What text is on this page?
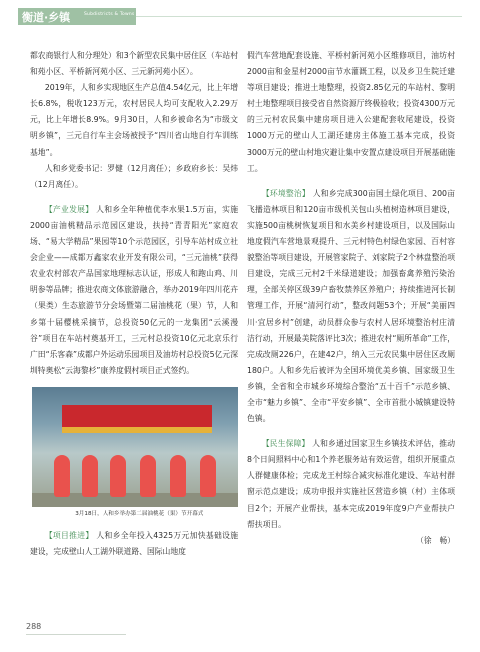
衡道·乡镇	Subdistricts & Towns

都农商银行人和分理处）和3个新型农民集中居住区（车站村和苑小区、平桥新河苑小区、三元新河苑小区）。

2019年，人和乡实现地区生产总值4.54亿元，比上年增长6.8%，税收123万元，农村居民人均可支配收入2.29万元，比上年增长8.9%。9月30日，人和乡被命名为“市级文明乡镇”，三元自行车主会场被授予“四川省山地自行车训练基地”。

人和乡党委书记：罗健（12月离任）；乡政府乡长：吴炜（12月离任）。

【产业发展】 人和乡全年种植优李水果1.5万亩，实施2000亩油桃精品示范园区建设，扶持“青青阳光”家庭农场、“易大学精品”果园等10个示范园区，引导车站村成立社会企业——成都万鑫家农业开发有限公司，“三元油桃”获得农业农村部农产品国家地理标志认证，形成人和跑山鸡、川明参等品牌；推进农商文体旅游融合，举办2019年四川花卉（果类）生态旅游节分会场暨第二届油桃花（果）节，人和乡第十届樱桃采摘节，总投资50亿元的一龙集团“云溪漫谷”项目在车站村奠基开工，三元村总投资10亿元北京乐行广田“乐客森”成都户外运动乐园项目及油坊村总投资5亿元深圳特奥松“云海黎杉”康养度假村项目正式签约。

3月18日，人和乡举办第二届油桃花（果）节开幕式

【项目推进】 人和乡全年投入4325万元加快基础设施建设，完成壁山人工湖外联道路、国际山地度

假汽车营地配套设施、平桥村新河苑小区维修项目，油坊村2000亩和金星村2000亩节水灌溉工程，以及乡卫生院迁建等项目建设；推进土地整理，投资2.85亿元的车站村、黎明村土地整理项目接受省自然资源厅终极验收；投资4300万元的三元村农民集中建房项目进入公建配套收尾建设，投资1000万元的壁山人工湖还建房主体施工基本完成，投资3000万元的壁山村地灾避让集中安置点建设项目开展基础施工。

【环境整治】 人和乡完成300亩国土绿化项目、200亩飞播造林项目和120亩市级机关包山头植树造林项目建设，实施500亩桃树恢复项目和水美乡村建设项目，以及国际山地度假汽车营地景观提升、三元村特色村绿色家园、百村容貌整治等项目建设，开展管家院子、刘家院子2个林盘整治项目建设，完成三元村2千米绿道建设；加强畜禽养殖污染治理，全部关停区级39户畜牧禁养区养殖户；持续推进河长制管理工作，开展“清河行动”，整改问题53个；开展“美丽四川·宜居乡村”创建，动员群众参与农村人居环境整治村庄清洁行动，开展最美院落评比3次；推进农村“厕所革命”工作，完成改厕226户，在建42户，纳入三元农民集中居住区改厕180户。人和乡先后被评为全国环境优美乡镇、国家级卫生乡镇，全省和全市城乡环境综合整治“五十百千”示范乡镇、全市“魅力乡镇”、全市“平安乡镇”、全市首批小城镇建设特色镇。

【民生保障】 人和乡通过国家卫生乡镇技术评估，推动8个日间照料中心和1个养老服务站有效运营，组织开展重点人群健康体检；完成龙王村综合减灾标准化建设、车站村群窗示范点建设；成功申报并实施社区营造乡镇（村）主体项目2个；开展产业帮扶，基本完成2019年度9户产业帮扶户帮扶项目。

（徐　畅）

288
